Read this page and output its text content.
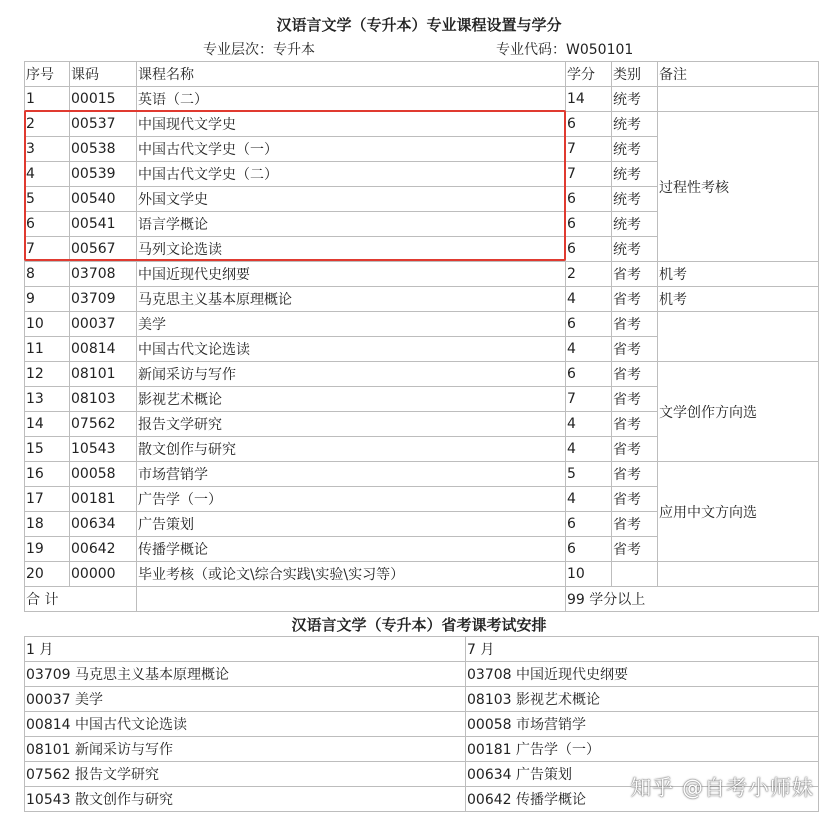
汉语言文学（专升本）专业课程设置与学分
专业层次：专升本	专业代码：W050101
序号	课码	课程名称	学分	类别	备注
1	00015	英语（二）	14	统考	
2	00537	中国现代文学史	6	统考	过程性考核
3	00538	中国古代文学史（一）	7	统考	
4	00539	中国古代文学史（二）	7	统考	
5	00540	外国文学史	6	统考	
6	00541	语言学概论	6	统考	
7	00567	马列文论选读	6	统考	
8	03708	中国近现代史纲要	2	省考	机考
9	03709	马克思主义基本原理概论	4	省考	机考
10	00037	美学	6	省考	
11	00814	中国古代文论选读	4	省考	
12	08101	新闻采访与写作	6	省考	文学创作方向选
13	08103	影视艺术概论	7	省考	
14	07562	报告文学研究	4	省考	
15	10543	散文创作与研究	4	省考	
16	00058	市场营销学	5	省考	应用中文方向选
17	00181	广告学（一）	4	省考	
18	00634	广告策划	6	省考	
19	00642	传播学概论	6	省考	
20	00000	毕业考核（或论文\综合实践\实验\实习等）	10		
合 计			99 学分以上		
汉语言文学（专升本）省考课考试安排
1 月	7 月
03709 马克思主义基本原理概论	03708 中国近现代史纲要
00037 美学	08103 影视艺术概论
00814 中国古代文论选读	00058 市场营销学
08101 新闻采访与写作	00181 广告学（一）
07562 报告文学研究	00634 广告策划
10543 散文创作与研究	00642 传播学概论 知乎 @自考小师妹
